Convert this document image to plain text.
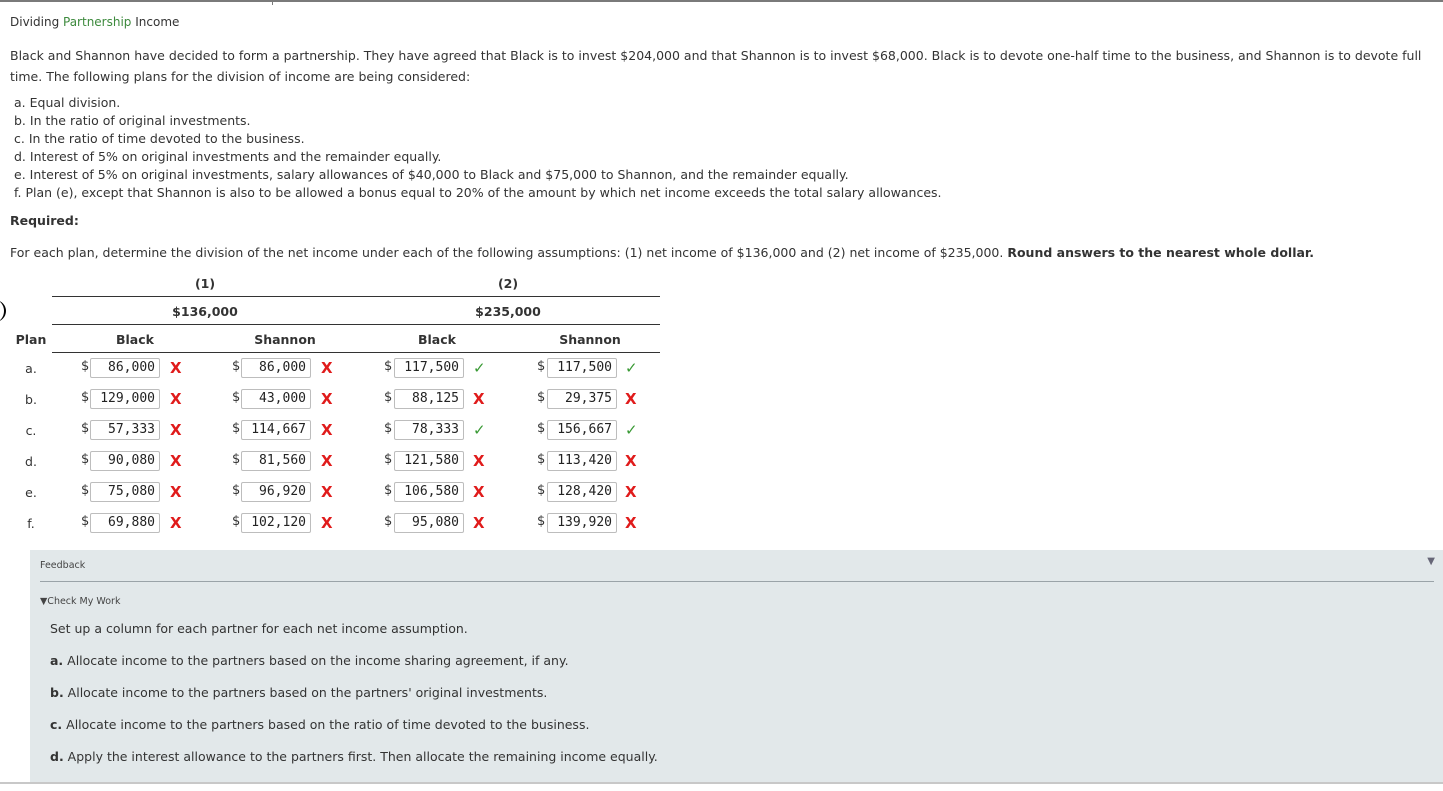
Dividing Partnership Income
Black and Shannon have decided to form a partnership. They have agreed that Black is to invest $204,000 and that Shannon is to invest $68,000. Black is to devote one-half time to the business, and Shannon is to devote full time. The following plans for the division of income are being considered:
a. Equal division.
b. In the ratio of original investments.
c. In the ratio of time devoted to the business.
d. Interest of 5% on original investments and the remainder equally.
e. Interest of 5% on original investments, salary allowances of $40,000 to Black and $75,000 to Shannon, and the remainder equally.
f. Plan (e), except that Shannon is also to be allowed a bonus equal to 20% of the amount by which net income exceeds the total salary allowances.
Required:
For each plan, determine the division of the net income under each of the following assumptions: (1) net income of $136,000 and (2) net income of $235,000. Round answers to the nearest whole dollar.
(1)	(2)
$136,000	$235,000
Plan	Black	Shannon	Black	Shannon
a.	$	86,000	X	$	86,000	X	$ 117,500 ✓	$ 117,500 ✓
b.	$ 129,000	X	$	43,000	X	$	88,125 X	$	29,375 X
c.	$	57,333	X	$ 114,667	X	$	78,333 ✓	$ 156,667 ✓
d.	$	90,080	X	$	81,560	X	$ 121,580 X	$ 113,420 X
e.	$	75,080	X	$	96,920	X	$ 106,580 X	$ 128,420 X
f.	$	69,880	X	$ 102,120	X	$	95,080 X	$ 139,920 X
Feedback	▼
▼Check My Work
Set up a column for each partner for each net income assumption.
a. Allocate income to the partners based on the income sharing agreement, if any.
b. Allocate income to the partners based on the partners' original investments.
c. Allocate income to the partners based on the ratio of time devoted to the business.
d. Apply the interest allowance to the partners first. Then allocate the remaining income equally.
